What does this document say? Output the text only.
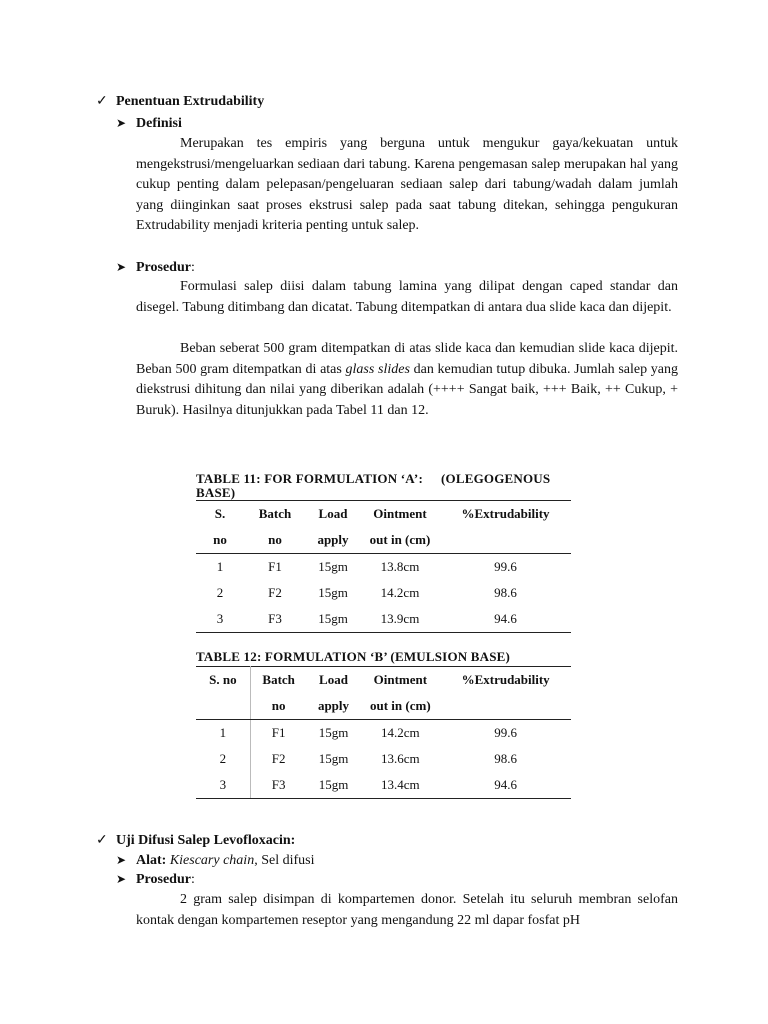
✓ Penentuan Extrudability
➤ Definisi

Merupakan tes empiris yang berguna untuk mengukur gaya/kekuatan untuk mengekstrusi/mengeluarkan sediaan dari tabung. Karena pengemasan salep merupakan hal yang cukup penting dalam pelepasan/pengeluaran sediaan salep dari tabung/wadah dalam jumlah yang diinginkan saat proses ekstrusi salep pada saat tabung ditekan, sehingga pengukuran Extrudability menjadi kriteria penting untuk salep.

➤ Prosedur:

Formulasi salep diisi dalam tabung lamina yang dilipat dengan caped standar dan disegel. Tabung ditimbang dan dicatat. Tabung ditempatkan di antara dua slide kaca dan dijepit.

Beban seberat 500 gram ditempatkan di atas slide kaca dan kemudian slide kaca dijepit. Beban 500 gram ditempatkan di atas glass slides dan kemudian tutup dibuka. Jumlah salep yang diekstrusi dihitung dan nilai yang diberikan adalah (++++ Sangat baik, +++ Baik, ++ Cukup, + Buruk). Hasilnya ditunjukkan pada Tabel 11 dan 12.

TABLE 11: FOR FORMULATION ‘A’: (OLEGOGENOUS
BASE)
S.	Batch	Load	Ointment	%Extrudability
no	no	apply	out in (cm)	
1	F1	15gm	13.8cm	99.6
2	F2	15gm	14.2cm	98.6
3	F3	15gm	13.9cm	94.6
TABLE 12: FORMULATION ‘B’ (EMULSION BASE)
S. no	Batch	Load	Ointment	%Extrudability
	no	apply	out in (cm)	
1	F1	15gm	14.2cm	99.6
2	F2	15gm	13.6cm	98.6
3	F3	15gm	13.4cm	94.6
✓ Uji Difusi Salep Levofloxacin:
➤ Alat: Kiescary chain, Sel difusi
➤ Prosedur:

2 gram salep disimpan di kompartemen donor. Setelah itu seluruh membran selofan kontak dengan kompartemen reseptor yang mengandung 22 ml dapar fosfat pH
